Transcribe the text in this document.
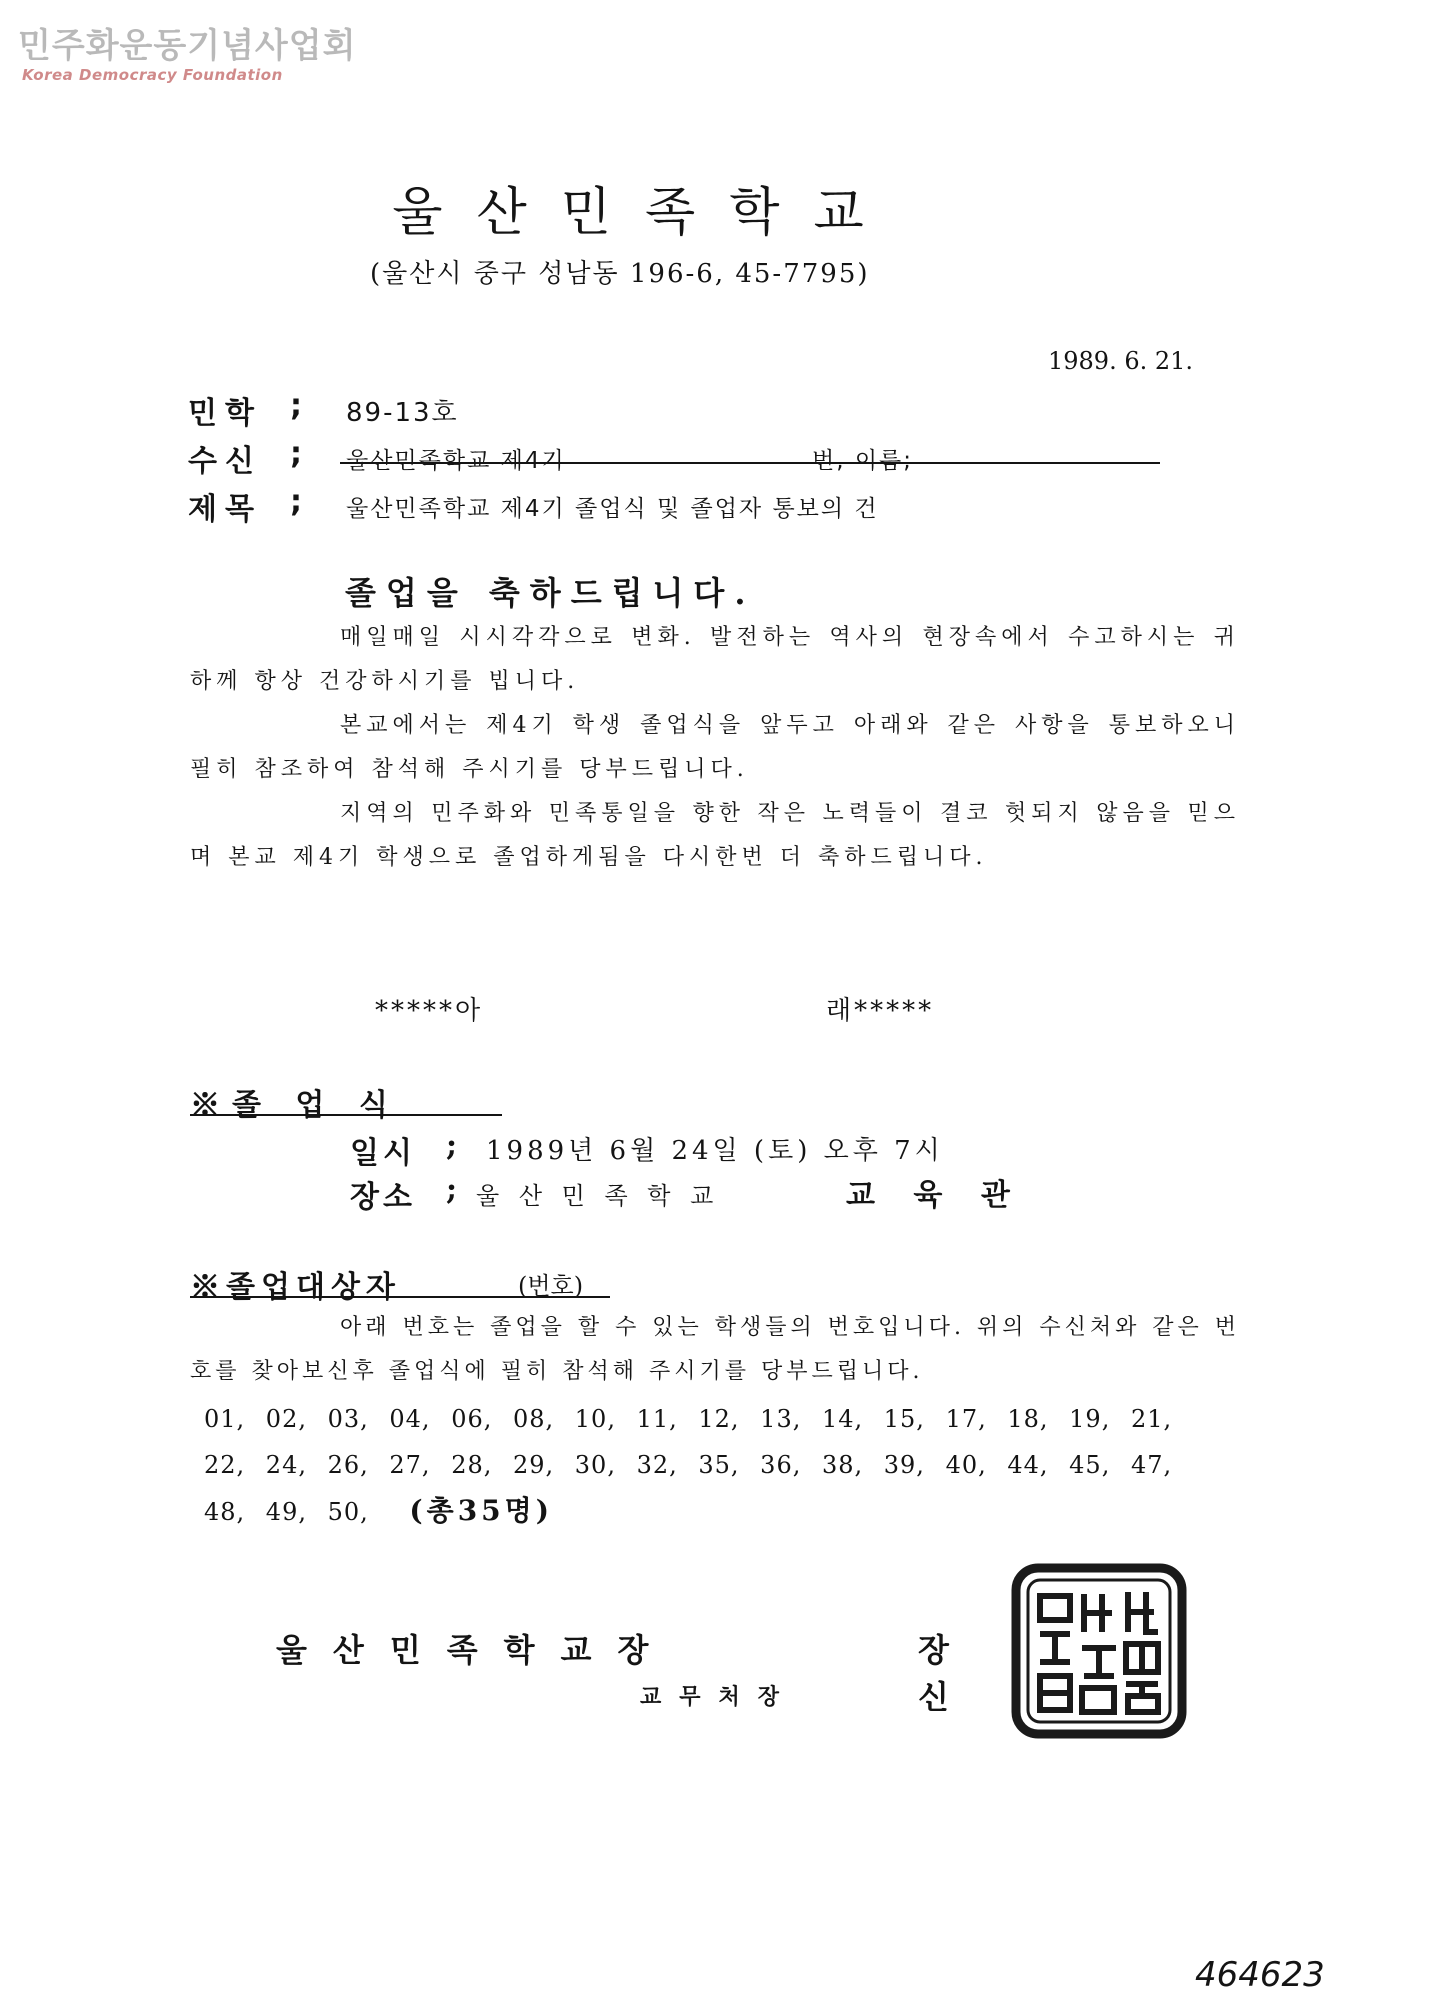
민주화운동기념사업회
Korea Democracy Foundation
울산민족학교
(울산시 중구 성남동 196-6, 45-7795)
1989. 6. 21.
민학 ; 89-13호
수신 ; 울산민족학교 제4기	번, 이름;
제목 ; 울산민족학교 제4기 졸업식 및 졸업자 통보의 건
졸업을 축하드립니다.

매일매일 시시각각으로 변화. 발전하는 역사의 현장속에서 수고하시는 귀하께 항상 건강하시기를 빕니다.

본교에서는 제4기 학생 졸업식을 앞두고 아래와 같은 사항을 통보하오니 필히 참조하여 참석해 주시기를 당부드립니다.

지역의 민주화와 민족통일을 향한 작은 노력들이 결코 헛되지 않음을 믿으며 본교 제4기 학생으로 졸업하게됨을 다시한번 더 축하드립니다.

*****아	래*****
※졸 업 식
일시 ; 1989년 6월 24일 (토) 오후 7시
장소 ; 울 산 민 족 학 교	교 육 관
※졸업대상자	(번호)

아래 번호는 졸업을 할 수 있는 학생들의 번호입니다. 위의 수신처와 같은 번호를 찾아보신후 졸업식에 필히 참석해 주시기를 당부드립니다.

01, 02, 03, 04, 06, 08, 10, 11, 12, 13, 14, 15, 17, 18, 19, 21,
22, 24, 26, 27, 28, 29, 30, 32, 35, 36, 38, 39, 40, 44, 45, 47,
48, 49, 50, (총35명)
울산민족학교장	장
교무처장	신
464623
